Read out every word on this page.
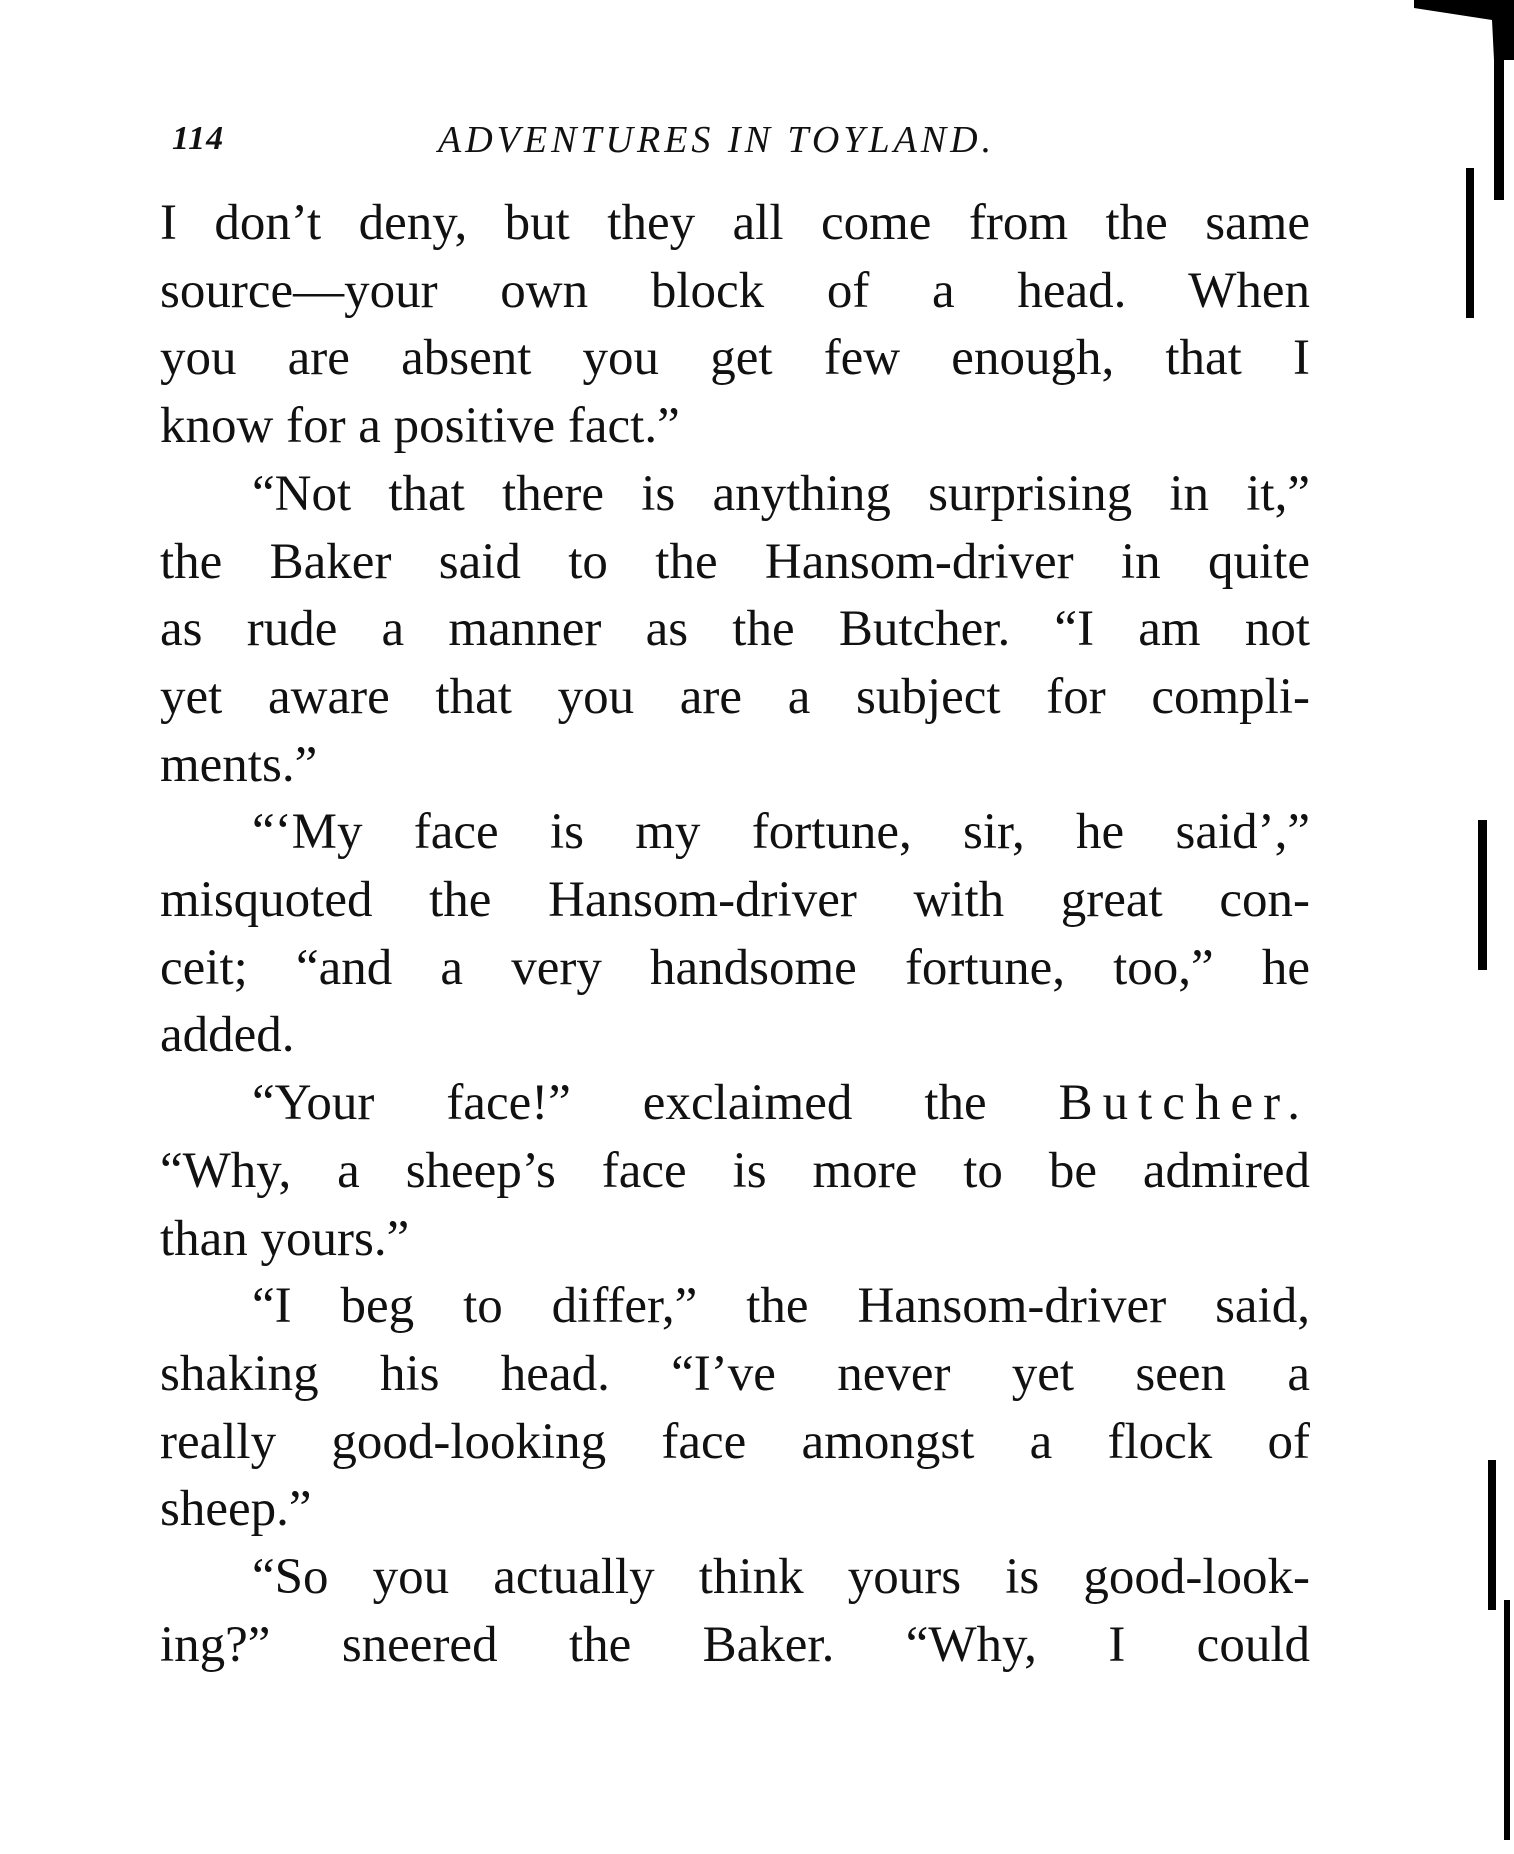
114	ADVENTURES IN TOYLAND.

I don’t deny, but they all come from the same
source—your own block of a head. When
you are absent you get few enough, that I
know for a positive fact.”

“Not that there is anything surprising in it,”
the Baker said to the Hansom-driver in quite
as rude a manner as the Butcher. “I am not
yet aware that you are a subject for compli-
ments.”

“‘My face is my fortune, sir, he said’,”
misquoted the Hansom-driver with great con-
ceit; “and a very handsome fortune, too,” he
added.

“Your face!” exclaimed the Butcher.
“Why, a sheep’s face is more to be admired
than yours.”

“I beg to differ,” the Hansom-driver said,
shaking his head. “I’ve never yet seen a
really good-looking face amongst a flock of
sheep.”

“So you actually think yours is good-look-
ing?” sneered the Baker. “Why, I could
